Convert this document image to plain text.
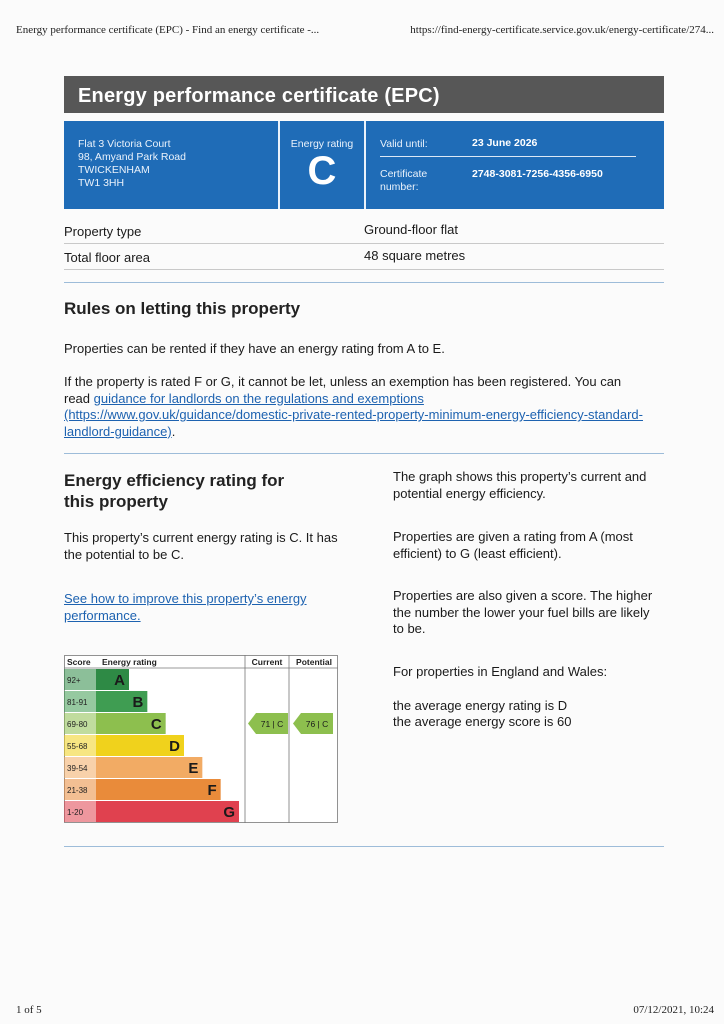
Energy performance certificate (EPC) - Find an energy certificate -...	https://find-energy-certificate.service.gov.uk/energy-certificate/274...
Energy performance certificate (EPC)
Flat 3 Victoria Court
98, Amyand Park Road
TWICKENHAM
TW1 3HH
Energy rating
C
Valid until:	23 June 2026
Certificate number:
2748-3081-7256-4356-6950
Property type	Ground-floor flat
Total floor area	48 square metres
Rules on letting this property
Properties can be rented if they have an energy rating from A to E.
If the property is rated F or G, it cannot be let, unless an exemption has been registered. You can read guidance for landlords on the regulations and exemptions (https://www.gov.uk/guidance/domestic-private-rented-property-minimum-energy-efficiency-standard-landlord-guidance).
Energy efficiency rating for
this property
This property’s current energy rating is C. It has the potential to be C.
See how to improve this property’s energy performance.
The graph shows this property’s current and potential energy efficiency.
Properties are given a rating from A (most efficient) to G (least efficient).
Properties are also given a score. The higher the number the lower your fuel bills are likely to be.
For properties in England and Wales:
the average energy rating is D
the average energy score is 60
Score Energy rating	Current Potential
92+ A
81-91	B
69-80	C
55-68	D
39-54	E
21-38	F
1-20	G
71 | C	76 | C
1 of 5	07/12/2021, 10:24
